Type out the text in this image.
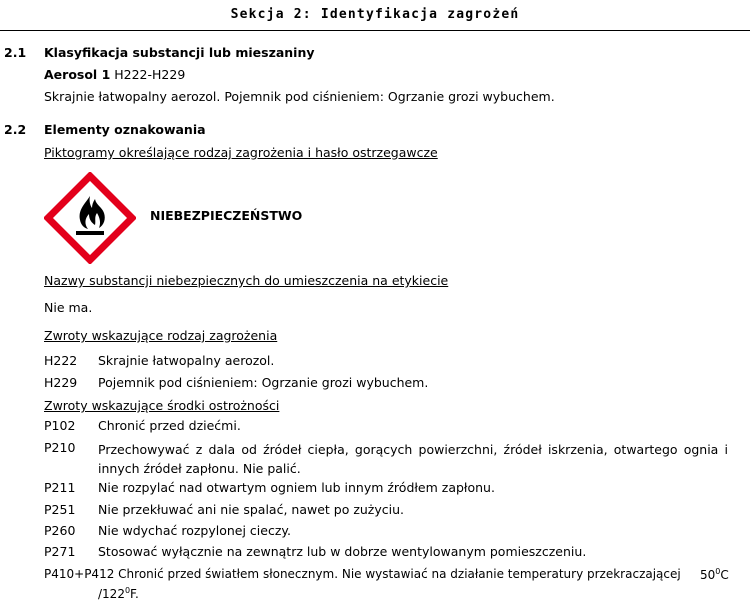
Sekcja 2: Identyfikacja zagrożeń
2.1 Klasyfikacja substancji lub mieszaniny
Aerosol 1 H222-H229
Skrajnie łatwopalny aerozol. Pojemnik pod ciśnieniem: Ogrzanie grozi wybuchem.
2.2 Elementy oznakowania
Piktogramy określające rodzaj zagrożenia i hasło ostrzegawcze
NIEBEZPIECZEŃSTWO
Nazwy substancji niebezpiecznych do umieszczenia na etykiecie
Nie ma.
Zwroty wskazujące rodzaj zagrożenia
H222 Skrajnie łatwopalny aerozol.
H229 Pojemnik pod ciśnieniem: Ogrzanie grozi wybuchem.
Zwroty wskazujące środki ostrożności
P102 Chronić przed dziećmi.
P210 Przechowywać z dala od źródeł ciepła, gorących powierzchni, źródeł iskrzenia, otwartego ognia i innych źródeł zapłonu. Nie palić.
P211 Nie rozpylać nad otwartym ogniem lub innym źródłem zapłonu.
P251 Nie przekłuwać ani nie spalać, nawet po zużyciu.
P260 Nie wdychać rozpylonej cieczy.
P271 Stosować wyłącznie na zewnątrz lub w dobrze wentylowanym pomieszczeniu.
P410+P412 Chronić przed światłem słonecznym. Nie wystawiać na działanie temperatury przekraczającej $50^0C$
$/122^0F$.
